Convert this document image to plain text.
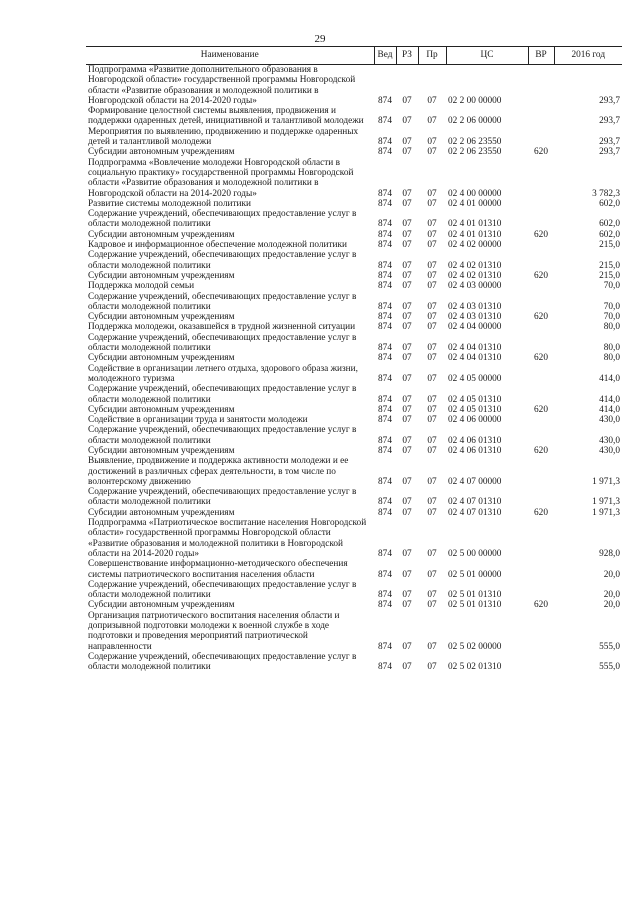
29
Наименование	Вед	РЗ	Пр	ЦС	ВР	2016 год
Подпрограмма «Развитие дополнительного образования в Новгородской области» государственной программы Новгородской области «Развитие образования и молодежной политики в Новгородской области на 2014-2020 годы»	874	07	07	02 2 00 00000		293,7
Формирование целостной системы выявления, продвижения и поддержки одаренных детей, инициативной и талантливой молодежи	874	07	07	02 2 06 00000		293,7
Мероприятия по выявлению, продвижению и поддержке одаренных детей и талантливой молодежи	874	07	07	02 2 06 23550		293,7
Субсидии автономным учреждениям	874	07	07	02 2 06 23550	620	293,7
Подпрограмма «Вовлечение молодежи Новгородской области в социальную практику» государственной программы Новгородской области «Развитие образования и молодежной политики в Новгородской области на 2014-2020 годы»	874	07	07	02 4 00 00000		3 782,3
Развитие системы молодежной политики	874	07	07	02 4 01 00000		602,0
Содержание учреждений, обеспечивающих предоставление услуг в области молодежной политики	874	07	07	02 4 01 01310		602,0
Субсидии автономным учреждениям	874	07	07	02 4 01 01310	620	602,0
Кадровое и информационное обеспечение молодежной политики	874	07	07	02 4 02 00000		215,0
Содержание учреждений, обеспечивающих предоставление услуг в области молодежной политики	874	07	07	02 4 02 01310		215,0
Субсидии автономным учреждениям	874	07	07	02 4 02 01310	620	215,0
Поддержка молодой семьи	874	07	07	02 4 03 00000		70,0
Содержание учреждений, обеспечивающих предоставление услуг в области молодежной политики	874	07	07	02 4 03 01310		70,0
Субсидии автономным учреждениям	874	07	07	02 4 03 01310	620	70,0
Поддержка молодежи, оказавшейся в трудной жизненной ситуации	874	07	07	02 4 04 00000		80,0
Содержание учреждений, обеспечивающих предоставление услуг в области молодежной политики	874	07	07	02 4 04 01310		80,0
Субсидии автономным учреждениям	874	07	07	02 4 04 01310	620	80,0
Содействие в организации летнего отдыха, здорового образа жизни, молодежного туризма	874	07	07	02 4 05 00000		414,0
Содержание учреждений, обеспечивающих предоставление услуг в области молодежной политики	874	07	07	02 4 05 01310		414,0
Субсидии автономным учреждениям	874	07	07	02 4 05 01310	620	414,0
Содействие в организации труда и занятости молодежи	874	07	07	02 4 06 00000		430,0
Содержание учреждений, обеспечивающих предоставление услуг в области молодежной политики	874	07	07	02 4 06 01310		430,0
Субсидии автономным учреждениям	874	07	07	02 4 06 01310	620	430,0
Выявление, продвижение и поддержка активности молодежи и ее достижений в различных сферах деятельности, в том числе по волонтерскому движению	874	07	07	02 4 07 00000		1 971,3
Содержание учреждений, обеспечивающих предоставление услуг в области молодежной политики	874	07	07	02 4 07 01310		1 971,3
Субсидии автономным учреждениям	874	07	07	02 4 07 01310	620	1 971,3
Подпрограмма «Патриотическое воспитание населения Новгородской области» государственной программы Новгородской области «Развитие образования и молодежной политики в Новгородской области на 2014-2020 годы»	874	07	07	02 5 00 00000		928,0
Совершенствование информационно-методического обеспечения системы патриотического воспитания населения области	874	07	07	02 5 01 00000		20,0
Содержание учреждений, обеспечивающих предоставление услуг в области молодежной политики	874	07	07	02 5 01 01310		20,0
Субсидии автономным учреждениям	874	07	07	02 5 01 01310	620	20,0
Организация патриотического воспитания населения области и допризывной подготовки молодежи к военной службе в ходе подготовки и проведения мероприятий патриотической направленности	874	07	07	02 5 02 00000		555,0
Содержание учреждений, обеспечивающих предоставление услуг в области молодежной политики	874	07	07	02 5 02 01310		555,0
